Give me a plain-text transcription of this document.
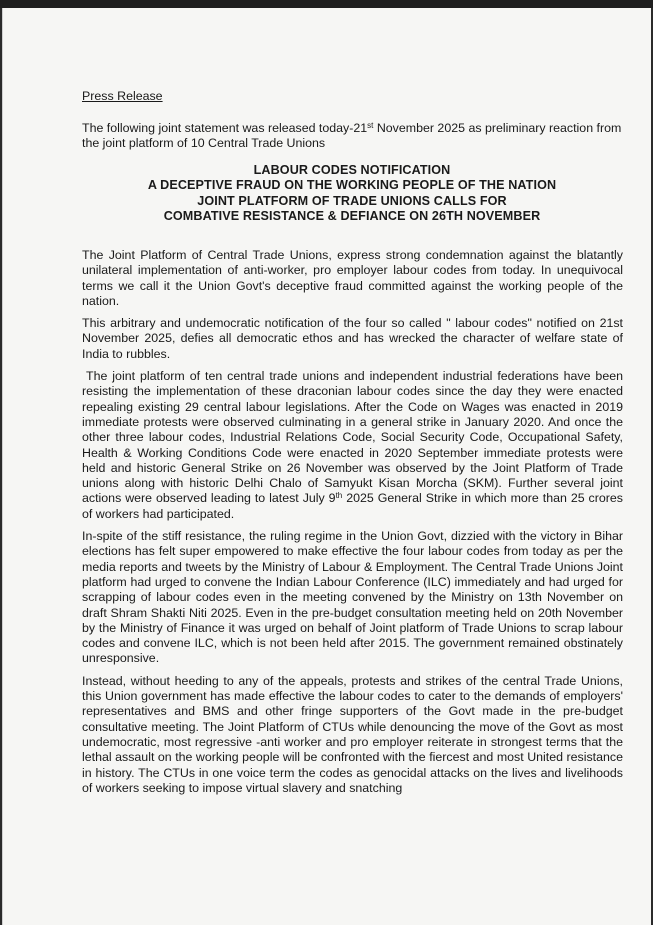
Press Release
The following joint statement was released today-21st November 2025 as preliminary reaction from the joint platform of 10 Central Trade Unions
LABOUR CODES NOTIFICATION
A DECEPTIVE FRAUD ON THE WORKING PEOPLE OF THE NATION
JOINT PLATFORM OF TRADE UNIONS CALLS FOR
COMBATIVE RESISTANCE & DEFIANCE ON 26TH NOVEMBER

The Joint Platform of Central Trade Unions, express strong condemnation against the blatantly unilateral implementation of anti-worker, pro employer labour codes from today. In unequivocal terms we call it the Union Govt's deceptive fraud committed against the working people of the nation.

This arbitrary and undemocratic notification of the four so called " labour codes" notified on 21st November 2025, defies all democratic ethos and has wrecked the character of welfare state of India to rubbles.

The joint platform of ten central trade unions and independent industrial federations have been resisting the implementation of these draconian labour codes since the day they were enacted repealing existing 29 central labour legislations. After the Code on Wages was enacted in 2019 immediate protests were observed culminating in a general strike in January 2020. And once the other three labour codes, Industrial Relations Code, Social Security Code, Occupational Safety, Health & Working Conditions Code were enacted in 2020 September immediate protests were held and historic General Strike on 26 November was observed by the Joint Platform of Trade unions along with historic Delhi Chalo of Samyukt Kisan Morcha (SKM). Further several joint actions were observed leading to latest July 9th 2025 General Strike in which more than 25 crores of workers had participated.

In-spite of the stiff resistance, the ruling regime in the Union Govt, dizzied with the victory in Bihar elections has felt super empowered to make effective the four labour codes from today as per the media reports and tweets by the Ministry of Labour & Employment. The Central Trade Unions Joint platform had urged to convene the Indian Labour Conference (ILC) immediately and had urged for scrapping of labour codes even in the meeting convened by the Ministry on 13th November on draft Shram Shakti Niti 2025. Even in the pre-budget consultation meeting held on 20th November by the Ministry of Finance it was urged on behalf of Joint platform of Trade Unions to scrap labour codes and convene ILC, which is not been held after 2015. The government remained obstinately unresponsive.

Instead, without heeding to any of the appeals, protests and strikes of the central Trade Unions, this Union government has made effective the labour codes to cater to the demands of employers' representatives and BMS and other fringe supporters of the Govt made in the pre-budget consultative meeting. The Joint Platform of CTUs while denouncing the move of the Govt as most undemocratic, most regressive -anti worker and pro employer reiterate in strongest terms that the lethal assault on the working people will be confronted with the fiercest and most United resistance in history. The CTUs in one voice term the codes as genocidal attacks on the lives and livelihoods of workers seeking to impose virtual slavery and snatching
